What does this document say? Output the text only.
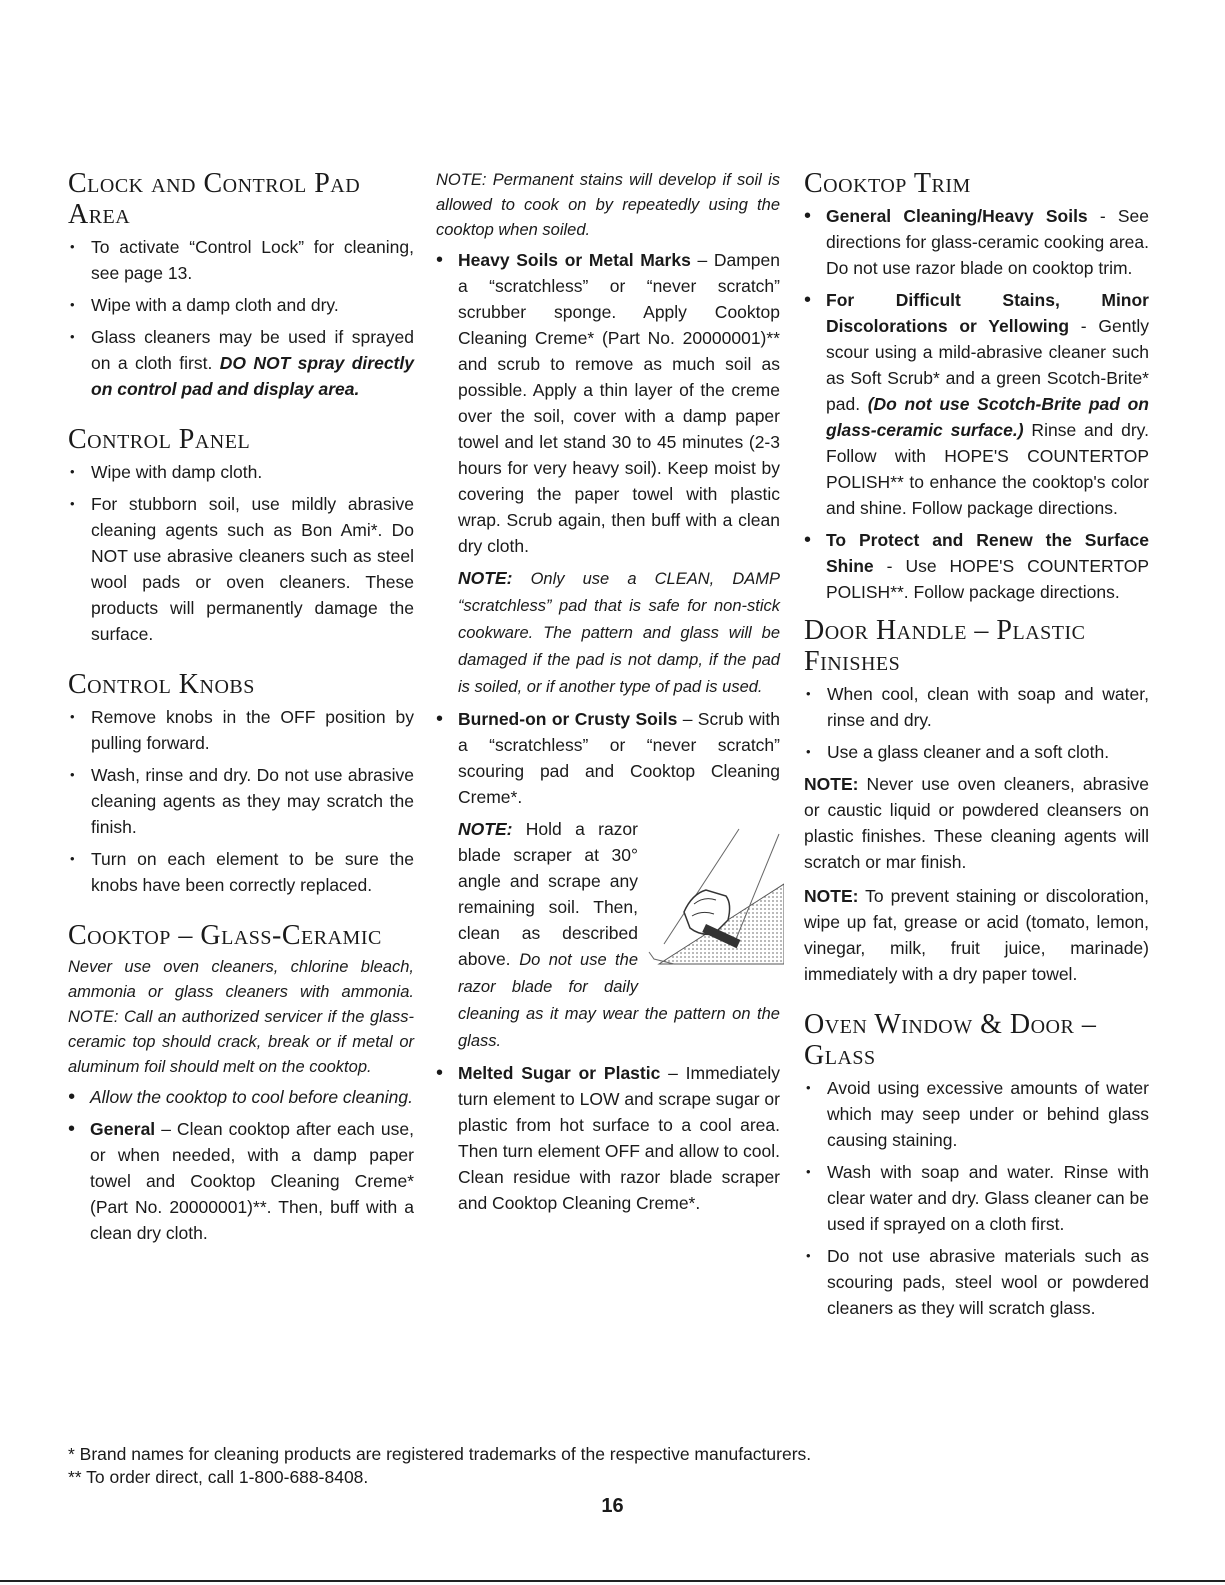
Clock and Control Pad Area
• To activate “Control Lock” for cleaning, see page 13.
• Wipe with a damp cloth and dry.
• Glass cleaners may be used if sprayed on a cloth first. DO NOT spray directly on control pad and display area.
Control Panel
• Wipe with damp cloth.
• For stubborn soil, use mildly abrasive cleaning agents such as Bon Ami*. Do NOT use abrasive cleaners such as steel wool pads or oven cleaners. These products will permanently damage the surface.
Control Knobs
• Remove knobs in the OFF position by pulling forward.
• Wash, rinse and dry. Do not use abrasive cleaning agents as they may scratch the finish.
• Turn on each element to be sure the knobs have been correctly replaced.
Cooktop – Glass-Ceramic

Never use oven cleaners, chlorine bleach, ammonia or glass cleaners with ammonia. NOTE: Call an authorized servicer if the glass-ceramic top should crack, break or if metal or aluminum foil should melt on the cooktop.

• Allow the cooktop to cool before cleaning.
• General – Clean cooktop after each use, or when needed, with a damp paper towel and Cooktop Cleaning Creme* (Part No. 20000001)**. Then, buff with a clean dry cloth.

NOTE: Permanent stains will develop if soil is allowed to cook on by repeatedly using the cooktop when soiled.

• Heavy Soils or Metal Marks – Dampen a “scratchless” or “never scratch” scrubber sponge. Apply Cooktop Cleaning Creme* (Part No. 20000001)** and scrub to remove as much soil as possible. Apply a thin layer of the creme over the soil, cover with a damp paper towel and let stand 30 to 45 minutes (2-3 hours for very heavy soil). Keep moist by covering the paper towel with plastic wrap. Scrub again, then buff with a clean dry cloth.

NOTE: Only use a CLEAN, DAMP “scratchless” pad that is safe for non-stick cookware. The pattern and glass will be damaged if the pad is not damp, if the pad is soiled, or if another type of pad is used.

• Burned-on or Crusty Soils – Scrub with a “scratchless” or “never scratch” scouring pad and Cooktop Cleaning Creme*.

NOTE: Hold a razor blade scraper at 30° angle and scrape any remaining soil. Then, clean as described above. Do not use the razor blade for daily cleaning as it may wear the pattern on the glass.

• Melted Sugar or Plastic – Immediately turn element to LOW and scrape sugar or plastic from hot surface to a cool area. Then turn element OFF and allow to cool. Clean residue with razor blade scraper and Cooktop Cleaning Creme*.
Cooktop Trim
• General Cleaning/Heavy Soils - See directions for glass-ceramic cooking area. Do not use razor blade on cooktop trim.
• For Difficult Stains, Minor Discolorations or Yellowing - Gently scour using a mild-abrasive cleaner such as Soft Scrub* and a green Scotch-Brite* pad. (Do not use Scotch-Brite pad on glass-ceramic surface.) Rinse and dry. Follow with HOPE'S COUNTERTOP POLISH** to enhance the cooktop's color and shine. Follow package directions.
• To Protect and Renew the Surface Shine - Use HOPE'S COUNTERTOP POLISH**. Follow package directions.
Door Handle – Plastic Finishes
• When cool, clean with soap and water, rinse and dry.
• Use a glass cleaner and a soft cloth.

NOTE: Never use oven cleaners, abrasive or caustic liquid or powdered cleansers on plastic finishes. These cleaning agents will scratch or mar finish.

NOTE: To prevent staining or discoloration, wipe up fat, grease or acid (tomato, lemon, vinegar, milk, fruit juice, marinade) immediately with a dry paper towel.

Oven Window & Door – Glass
• Avoid using excessive amounts of water which may seep under or behind glass causing staining.
• Wash with soap and water. Rinse with clear water and dry. Glass cleaner can be used if sprayed on a cloth first.
• Do not use abrasive materials such as scouring pads, steel wool or powdered cleaners as they will scratch glass.
* Brand names for cleaning products are registered trademarks of the respective manufacturers.
** To order direct, call 1-800-688-8408.
16
